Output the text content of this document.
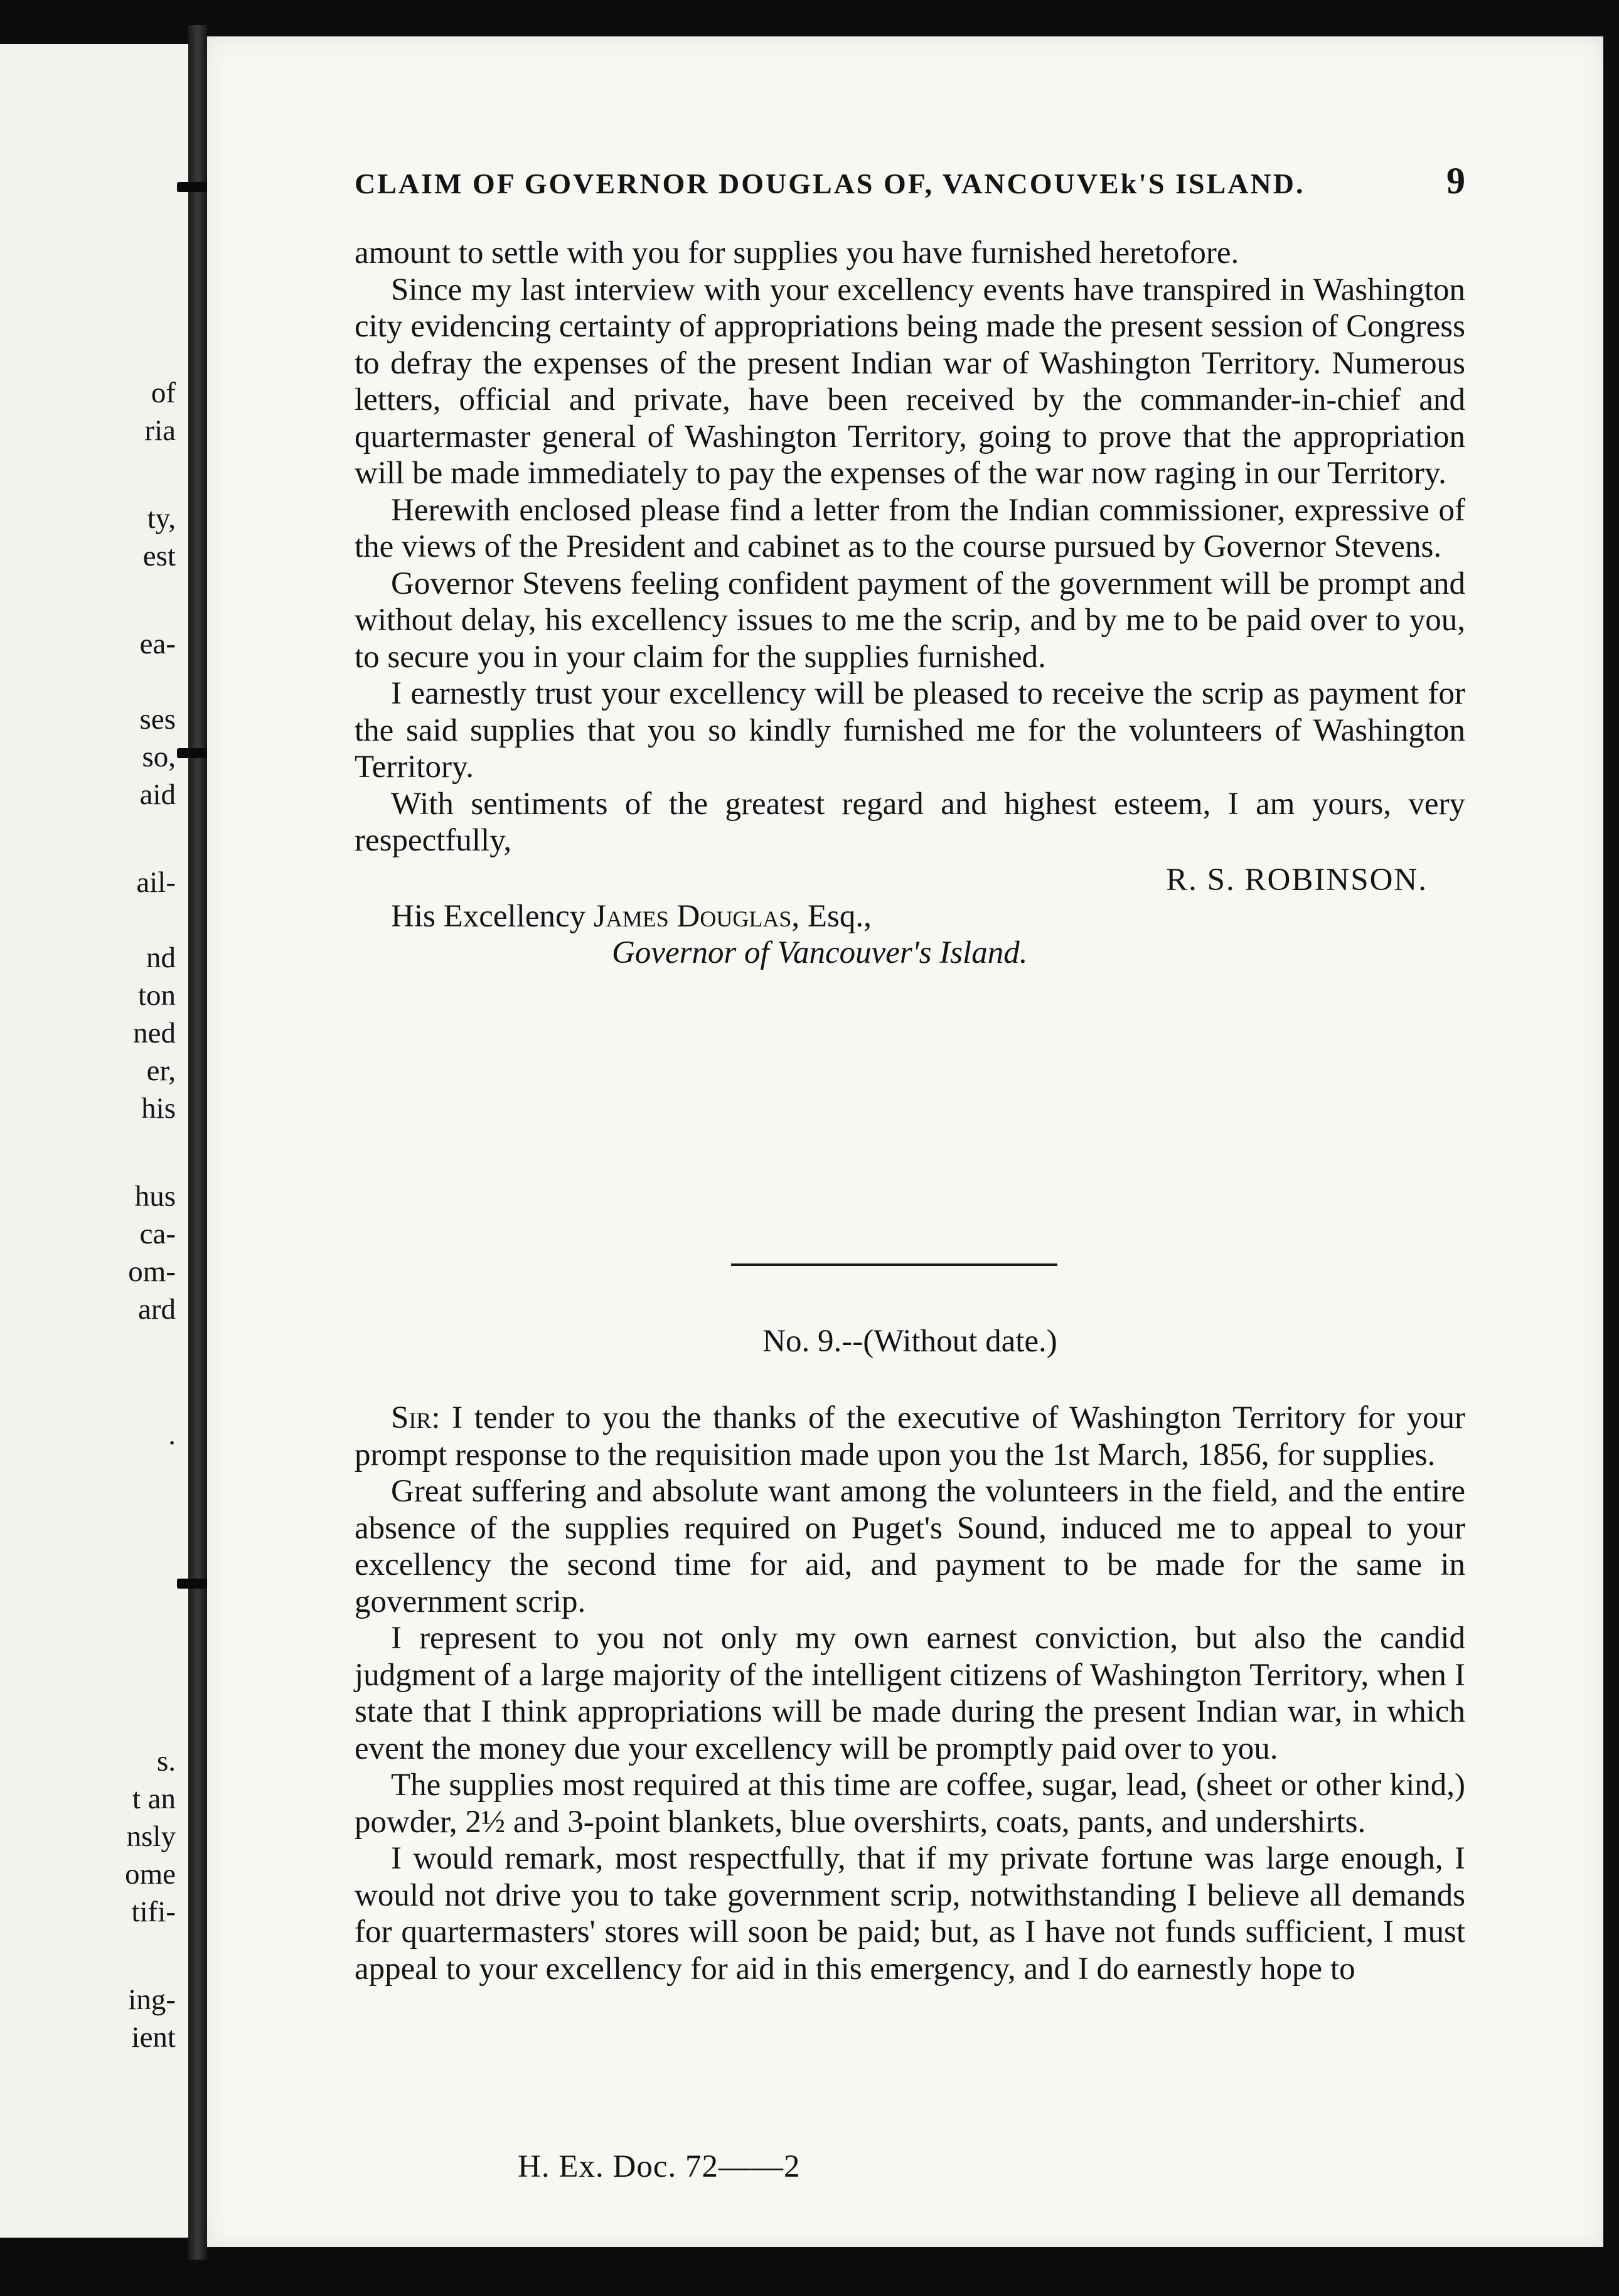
of
ria
ty,
est
ea-
ses
so,
aid
ail-
nd
ton
ned
er,
his
hus
ca-
om-
ard
.
s.
t an
nsly
ome
tifi-
ing-
ient
CLAIM OF GOVERNOR DOUGLAS OF, VANCOUVEk'S ISLAND.	9

amount to settle with you for supplies you have furnished heretofore.

Since my last interview with your excellency events have transpired in Washington city evidencing certainty of appropriations being made the present session of Congress to defray the expenses of the present Indian war of Washington Territory. Numerous letters, official and private, have been received by the commander-in-chief and quartermaster general of Washington Territory, going to prove that the appropriation will be made immediately to pay the expenses of the war now raging in our Territory.

Herewith enclosed please find a letter from the Indian commissioner, expressive of the views of the President and cabinet as to the course pursued by Governor Stevens.

Governor Stevens feeling confident payment of the government will be prompt and without delay, his excellency issues to me the scrip, and by me to be paid over to you, to secure you in your claim for the supplies furnished.

I earnestly trust your excellency will be pleased to receive the scrip as payment for the said supplies that you so kindly furnished me for the volunteers of Washington Territory.

With sentiments of the greatest regard and highest esteem, I am yours, very respectfully,

R. S. ROBINSON.
His Excellency James Douglas, Esq.,
Governor of Vancouver's Island.
No. 9.--(Without date.)

Sir: I tender to you the thanks of the executive of Washington Territory for your prompt response to the requisition made upon you the 1st March, 1856, for supplies.

Great suffering and absolute want among the volunteers in the field, and the entire absence of the supplies required on Puget's Sound, induced me to appeal to your excellency the second time for aid, and payment to be made for the same in government scrip.

I represent to you not only my own earnest conviction, but also the candid judgment of a large majority of the intelligent citizens of Washington Territory, when I state that I think appropriations will be made during the present Indian war, in which event the money due your excellency will be promptly paid over to you.

The supplies most required at this time are coffee, sugar, lead, (sheet or other kind,) powder, 2½ and 3-point blankets, blue overshirts, coats, pants, and undershirts.

I would remark, most respectfully, that if my private fortune was large enough, I would not drive you to take government scrip, notwithstanding I believe all demands for quartermasters' stores will soon be paid; but, as I have not funds sufficient, I must appeal to your excellency for aid in this emergency, and I do earnestly hope to

H. Ex. Doc. 72——2
